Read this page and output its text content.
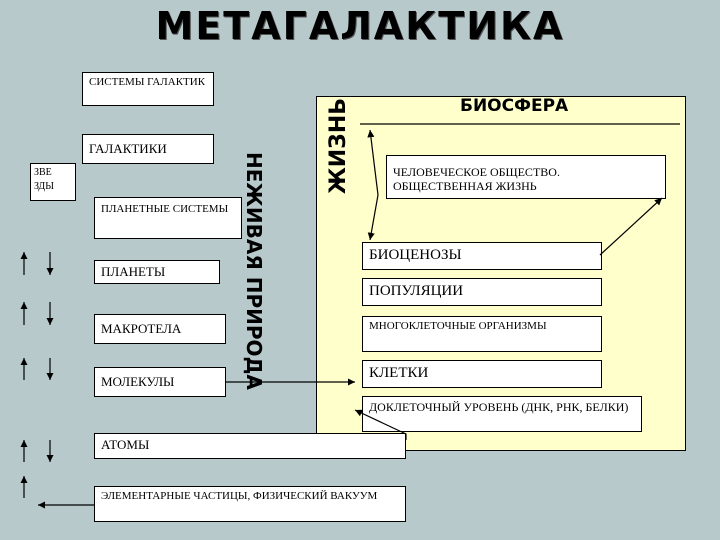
МЕТАГАЛАКТИКА
БИОСФЕРА
ЖИЗНЬ
НЕЖИВАЯ ПРИРОДА
СИСТЕМЫ ГАЛАКТИК
ГАЛАКТИКИ
ЗВЕ ЗДЫ
ПЛАНЕТНЫЕ СИСТЕМЫ
ПЛАНЕТЫ
МАКРОТЕЛА
МОЛЕКУЛЫ
АТОМЫ
ЭЛЕМЕНТАРНЫЕ ЧАСТИЦЫ, ФИЗИЧЕСКИЙ ВАКУУМ
ЧЕЛОВЕЧЕСКОЕ ОБЩЕСТВО. ОБЩЕСТВЕННАЯ ЖИЗНЬ
БИОЦЕНОЗЫ
ПОПУЛЯЦИИ
МНОГОКЛЕТОЧНЫЕ ОРГАНИЗМЫ
КЛЕТКИ
ДОКЛЕТОЧНЫЙ УРОВЕНЬ (ДНК, РНК, БЕЛКИ)
